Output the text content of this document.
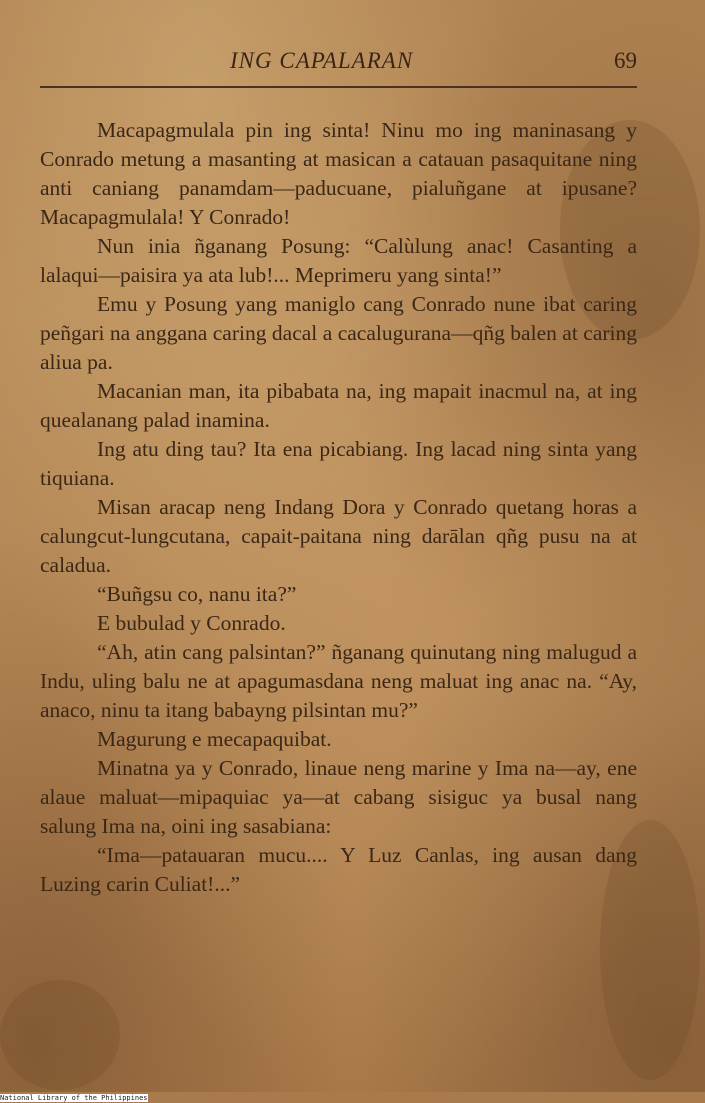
ING CAPALARAN	69

Macapagmulala pin ing sinta! Ninu mo ing maninasang y Conrado metung a masanting at masican a catauan pasaquitane ning anti caniang panamdam—paducuane, pialuñgane at ipusane? Macapagmulala! Y Conrado!

Nun inia ñganang Posung: “Calùlung anac! Casanting a lalaqui—paisira ya ata lub!... Meprimeru yang sinta!”

Emu y Posung yang maniglo cang Conrado nune ibat caring peñgari na anggana caring dacal a cacalugurana—qñg balen at caring aliua pa.

Macanian man, ita pibabata na, ing mapait inacmul na, at ing quealanang palad inamina.

Ing atu ding tau? Ita ena picabiang. Ing lacad ning sinta yang tiquiana.

Misan aracap neng Indang Dora y Conrado quetang horas a calungcut-lungcutana, capait-paitana ning darālan qñg pusu na at caladua.

“Buñgsu co, nanu ita?”

E bubulad y Conrado.

“Ah, atin cang palsintan?” ñganang quinutang ning malugud a Indu, uling balu ne at apagumasdana neng maluat ing anac na. “Ay, anaco, ninu ta itang babayng pilsintan mu?”

Magurung e mecapaquibat.

Minatna ya y Conrado, linaue neng marine y Ima na—ay, ene alaue maluat—mipaquiac ya—at cabang sisiguc ya busal nang salung Ima na, oini ing sasabiana:

“Ima—patauaran mucu.... Y Luz Canlas, ing ausan dang Luzing carin Culiat!...”

National Library of the Philippines
